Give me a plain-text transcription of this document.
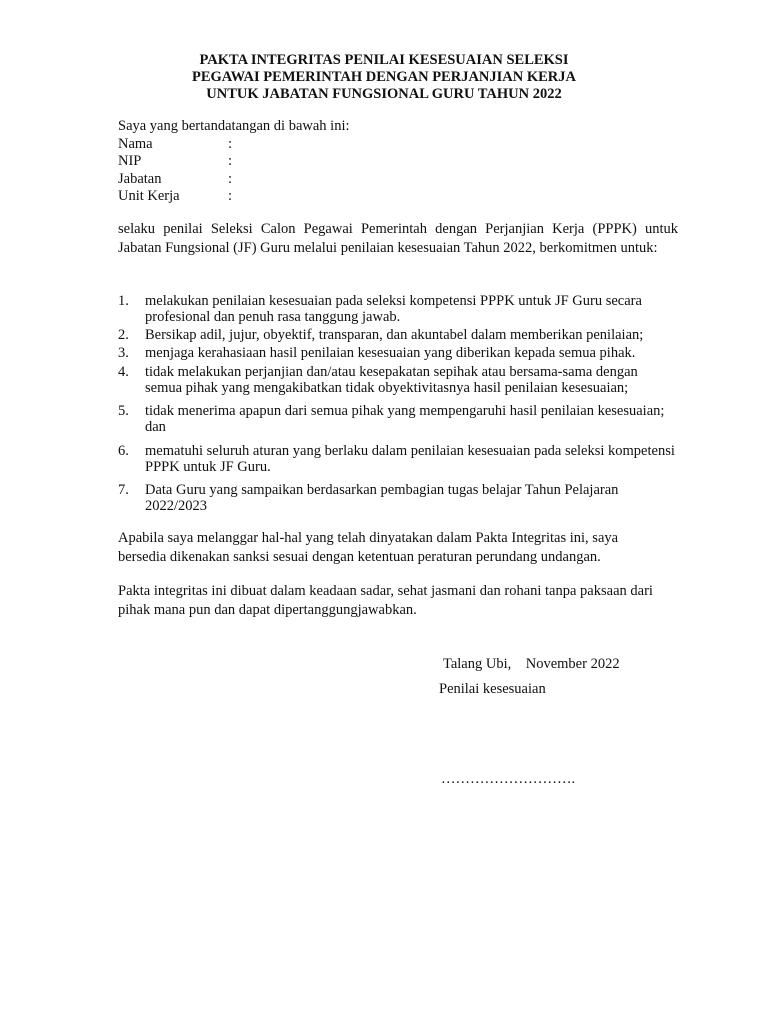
PAKTA INTEGRITAS PENILAI KESESUAIAN SELEKSI
PEGAWAI PEMERINTAH DENGAN PERJANJIAN KERJA
UNTUK JABATAN FUNGSIONAL GURU TAHUN 2022
Saya yang bertandatangan di bawah ini:
Nama	:
NIP	:
Jabatan	:
Unit Kerja	:
selaku penilai Seleksi Calon Pegawai Pemerintah dengan Perjanjian Kerja (PPPK) untuk Jabatan Fungsional (JF) Guru melalui penilaian kesesuaian Tahun 2022, berkomitmen untuk:
1.	melakukan penilaian kesesuaian pada seleksi kompetensi PPPK untuk JF Guru secara profesional dan penuh rasa tanggung jawab.
2.	Bersikap adil, jujur, obyektif, transparan, dan akuntabel dalam memberikan penilaian;
3.	menjaga kerahasiaan hasil penilaian kesesuaian yang diberikan kepada semua pihak.
4.	tidak melakukan perjanjian dan/atau kesepakatan sepihak atau bersama-sama dengan semua pihak yang mengakibatkan tidak obyektivitasnya hasil penilaian kesesuaian;
5.	tidak menerima apapun dari semua pihak yang mempengaruhi hasil penilaian kesesuaian; dan
6.	mematuhi seluruh aturan yang berlaku dalam penilaian kesesuaian pada seleksi kompetensi PPPK untuk JF Guru.
7.	Data Guru yang sampaikan berdasarkan pembagian tugas belajar Tahun Pelajaran 2022/2023
Apabila saya melanggar hal-hal yang telah dinyatakan dalam Pakta Integritas ini, saya bersedia dikenakan sanksi sesuai dengan ketentuan peraturan perundang undangan.
Pakta integritas ini dibuat dalam keadaan sadar, sehat jasmani dan rohani tanpa paksaan dari pihak mana pun dan dapat dipertanggungjawabkan.
Talang Ubi,    November 2022
Penilai kesesuaian
……………………….
